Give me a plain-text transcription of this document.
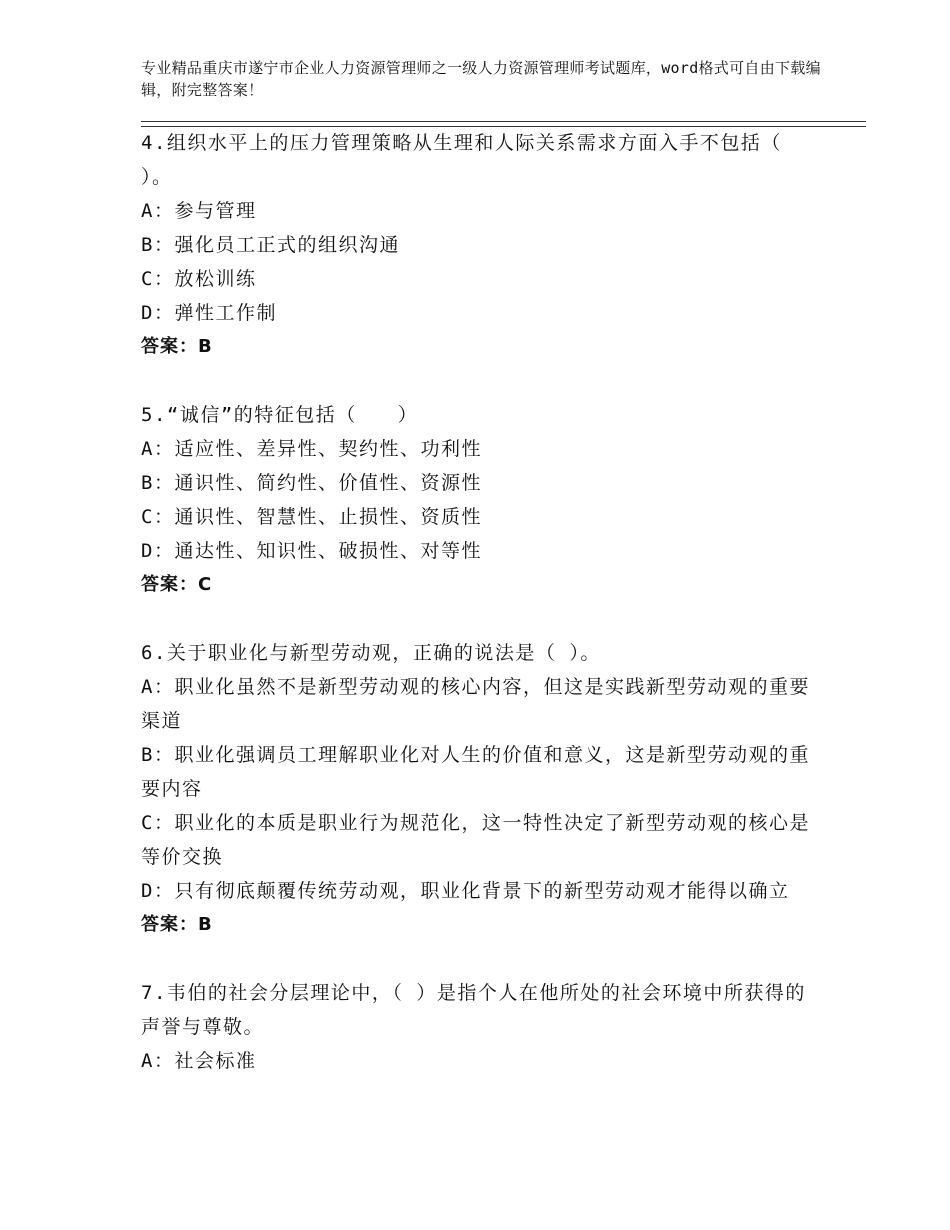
专业精品重庆市遂宁市企业人力资源管理师之一级人力资源管理师考试题库，word格式可自由下载编辑，附完整答案！
4.组织水平上的压力管理策略从生理和人际关系需求方面入手不包括（ ）。
A：参与管理
B：强化员工正式的组织沟通
C：放松训练
D：弹性工作制
答案：B
5.“诚信”的特征包括（　　）
A：适应性、差异性、契约性、功利性
B：通识性、简约性、价值性、资源性
C：通识性、智慧性、止损性、资质性
D：通达性、知识性、破损性、对等性
答案：C
6.关于职业化与新型劳动观，正确的说法是（ ）。
A：职业化虽然不是新型劳动观的核心内容，但这是实践新型劳动观的重要渠道
B：职业化强调员工理解职业化对人生的价值和意义，这是新型劳动观的重要内容
C：职业化的本质是职业行为规范化，这一特性决定了新型劳动观的核心是等价交换
D：只有彻底颠覆传统劳动观，职业化背景下的新型劳动观才能得以确立
答案：B
7.韦伯的社会分层理论中，（ ）是指个人在他所处的社会环境中所获得的声誉与尊敬。
A：社会标准
